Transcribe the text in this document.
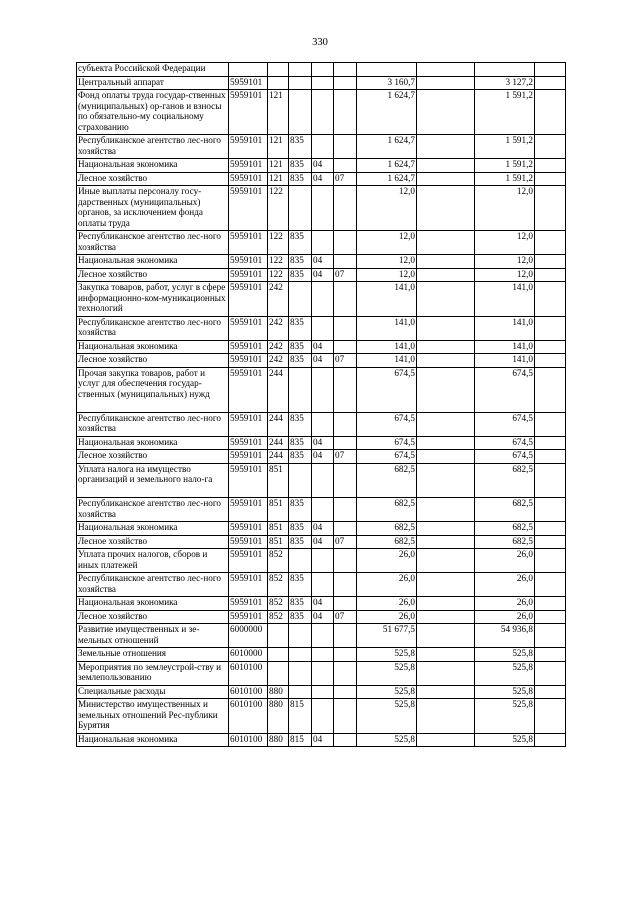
330
субъекта Российской Федерации									
Центральный аппарат	5959101					3 160,7		3 127,2	
Фонд оплаты труда государ-ственных (муниципальных) ор-ганов и взносы по обязательно-му социальному страхованию	5959101	121				1 624,7		1 591,2	
Республиканское агентство лес-ного хозяйства	5959101	121	835			1 624,7		1 591,2	
Национальная экономика	5959101	121	835	04		1 624,7		1 591,2	
Лесное хозяйство	5959101	121	835	04	07	1 624,7		1 591,2	
Иные выплаты персоналу госу-дарственных (муниципальных) органов, за исключением фонда оплаты труда	5959101	122				12,0		12,0	
Республиканское агентство лес-ного хозяйства	5959101	122	835			12,0		12,0	
Национальная экономика	5959101	122	835	04		12,0		12,0	
Лесное хозяйство	5959101	122	835	04	07	12,0		12,0	
Закупка товаров, работ, услуг в сфере информационно-ком-муникационных технологий	5959101	242				141,0		141,0	
Республиканское агентство лес-ного хозяйства	5959101	242	835			141,0		141,0	
Национальная экономика	5959101	242	835	04		141,0		141,0	
Лесное хозяйство	5959101	242	835	04	07	141,0		141,0	
Прочая закупка товаров, работ и услуг для обеспечения государ-ственных (муниципальных) нужд	5959101	244				674,5		674,5	
Республиканское агентство лес-ного хозяйства	5959101	244	835			674,5		674,5	
Национальная экономика	5959101	244	835	04		674,5		674,5	
Лесное хозяйство	5959101	244	835	04	07	674,5		674,5	
Уплата налога на имущество организаций и земельного нало-га	5959101	851				682,5		682,5	
Республиканское агентство лес-ного хозяйства	5959101	851	835			682,5		682,5	
Национальная экономика	5959101	851	835	04		682,5		682,5	
Лесное хозяйство	5959101	851	835	04	07	682,5		682,5	
Уплата прочих налогов, сборов и иных платежей	5959101	852				26,0		26,0	
Республиканское агентство лес-ного хозяйства	5959101	852	835			26,0		26,0	
Национальная экономика	5959101	852	835	04		26,0		26,0	
Лесное хозяйство	5959101	852	835	04	07	26,0		26,0	
Развитие имущественных и зе-мельных отношений	6000000					51 677,5		54 936,8	
Земельные отношения	6010000					525,8		525,8	
Мероприятия по землеустрой-ству и землепользованию	6010100					525,8		525,8	
Специальные расходы	6010100	880				525,8		525,8	
Министерство имущественных и земельных отношений Рес-публики Бурятия	6010100	880	815			525,8		525,8	
Национальная экономика	6010100	880	815	04		525,8		525,8	
